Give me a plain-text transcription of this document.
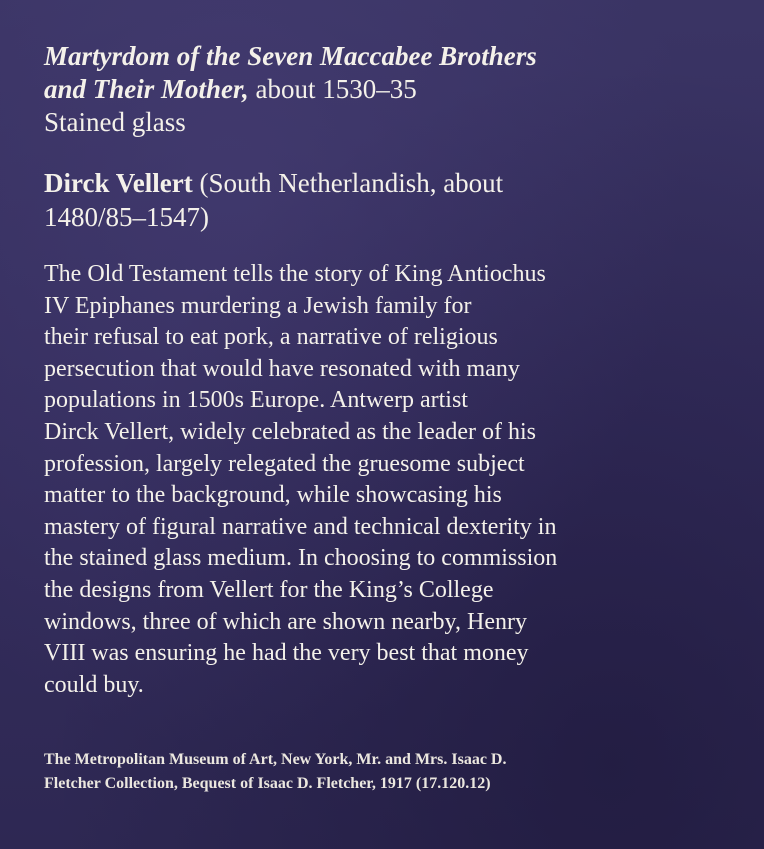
Martyrdom of the Seven Maccabee Brothers
and Their Mother, about 1530–35
Stained glass
Dirck Vellert (South Netherlandish, about
1480/85–1547)
The Old Testament tells the story of King Antiochus
IV Epiphanes murdering a Jewish family for
their refusal to eat pork, a narrative of religious
persecution that would have resonated with many
populations in 1500s Europe. Antwerp artist
Dirck Vellert, widely celebrated as the leader of his
profession, largely relegated the gruesome subject
matter to the background, while showcasing his
mastery of figural narrative and technical dexterity in
the stained glass medium. In choosing to commission
the designs from Vellert for the King’s College
windows, three of which are shown nearby, Henry
VIII was ensuring he had the very best that money
could buy.
The Metropolitan Museum of Art, New York, Mr. and Mrs. Isaac D.
Fletcher Collection, Bequest of Isaac D. Fletcher, 1917 (17.120.12)
